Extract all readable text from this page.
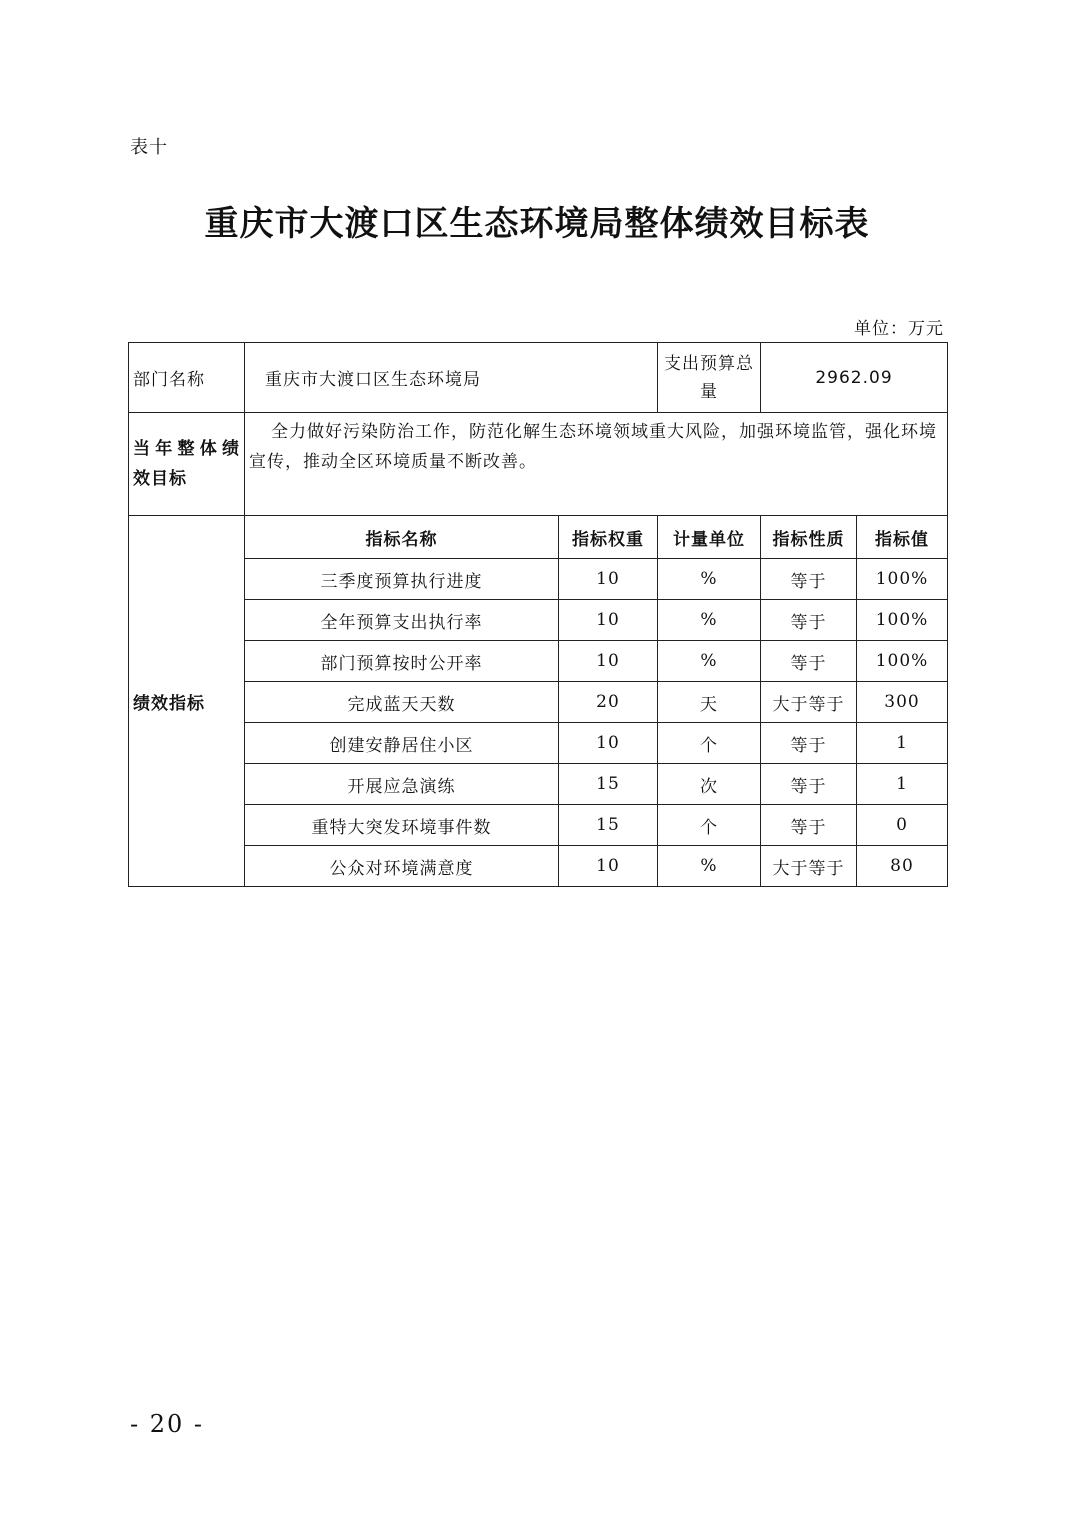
表十
重庆市大渡口区生态环境局整体绩效目标表
单位：万元
部门名称	重庆市大渡口区生态环境局		支出预算总量	2962.09	
当年整体绩效目标	全力做好污染防治工作，防范化解生态环境领域重大风险，加强环境监管，强化环境宣传，推动全区环境质量不断改善。				
绩效指标	指标名称	指标权重	计量单位	指标性质	指标值
	三季度预算执行进度	10	%	等于	100%
	全年预算支出执行率	10	%	等于	100%
	部门预算按时公开率	10	%	等于	100%
	完成蓝天天数	20	天	大于等于	300
	创建安静居住小区	10	个	等于	1
	开展应急演练	15	次	等于	1
	重特大突发环境事件数	15	个	等于	0
	公众对环境满意度	10	%	大于等于	80
- 20 -
